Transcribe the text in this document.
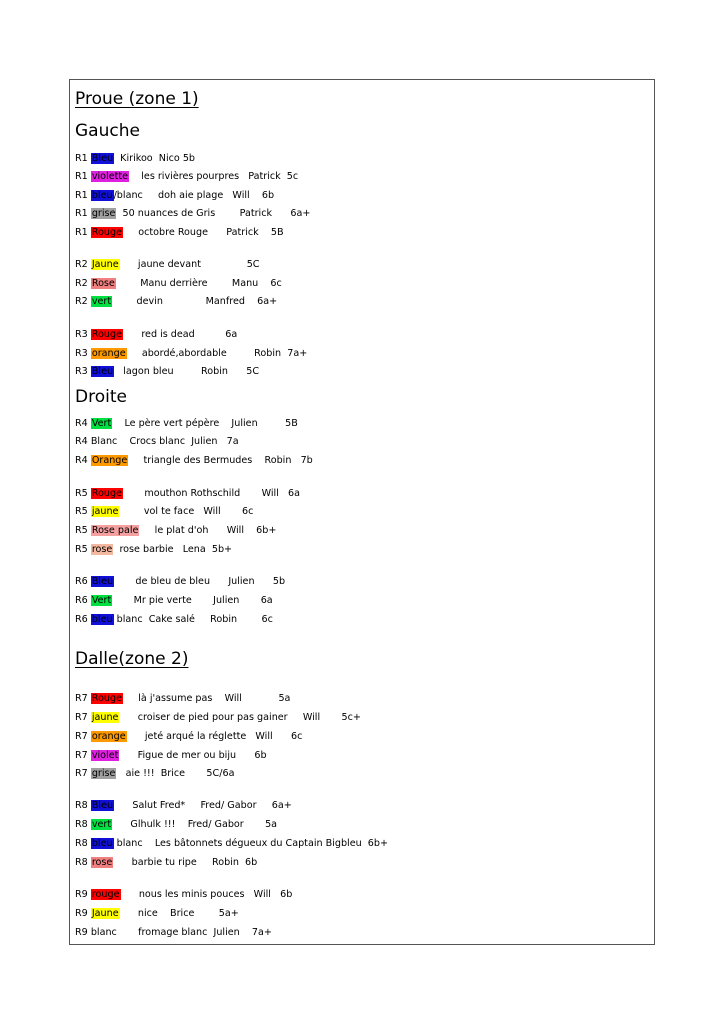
Proue (zone 1)
Gauche
Droite
Dalle(zone 2)
R1 Bleu  Kirikoo  Nico 5b
R1 violette    les rivières pourpres   Patrick  5c
R1 bleu/blanc     doh aie plage   Will    6b
R1 grise  50 nuances de Gris        Patrick      6a+
R1 Rouge     octobre Rouge      Patrick    5B
R2 Jaune      jaune devant               5C
R2 Rose        Manu derrière        Manu    6c
R2 vert        devin              Manfred    6a+
R3 Rouge      red is dead          6a
R3 orange     abordé,abordable         Robin  7a+
R3 Bleu   lagon bleu         Robin      5C
R4 Vert    Le père vert pépère    Julien         5B
R4 Blanc    Crocs blanc  Julien   7a
R4 Orange     triangle des Bermudes    Robin   7b
R5 Rouge       mouthon Rothschild       Will   6a
R5 jaune        vol te face   Will       6c
R5 Rose pale     le plat d'oh      Will    6b+
R5 rose  rose barbie   Lena  5b+
R6 Bleu       de bleu de bleu      Julien      5b
R6 Vert       Mr pie verte       Julien       6a
R6 bleu blanc  Cake salé     Robin        6c
R7 Rouge     là j'assume pas    Will            5a
R7 jaune      croiser de pied pour pas gainer     Will       5c+
R7 orange      jeté arqué la réglette   Will      6c
R7 violet      Figue de mer ou biju      6b
R7 grise   aie !!!  Brice       5C/6a
R8 Bleu      Salut Fred*     Fred/ Gabor     6a+
R8 vert      Glhulk !!!    Fred/ Gabor       5a
R8 bleu blanc    Les bâtonnets dégueux du Captain Bigbleu  6b+
R8 rose      barbie tu ripe     Robin  6b
R9 rouge      nous les minis pouces   Will   6b
R9 Jaune      nice    Brice        5a+
R9 blanc       fromage blanc  Julien    7a+
